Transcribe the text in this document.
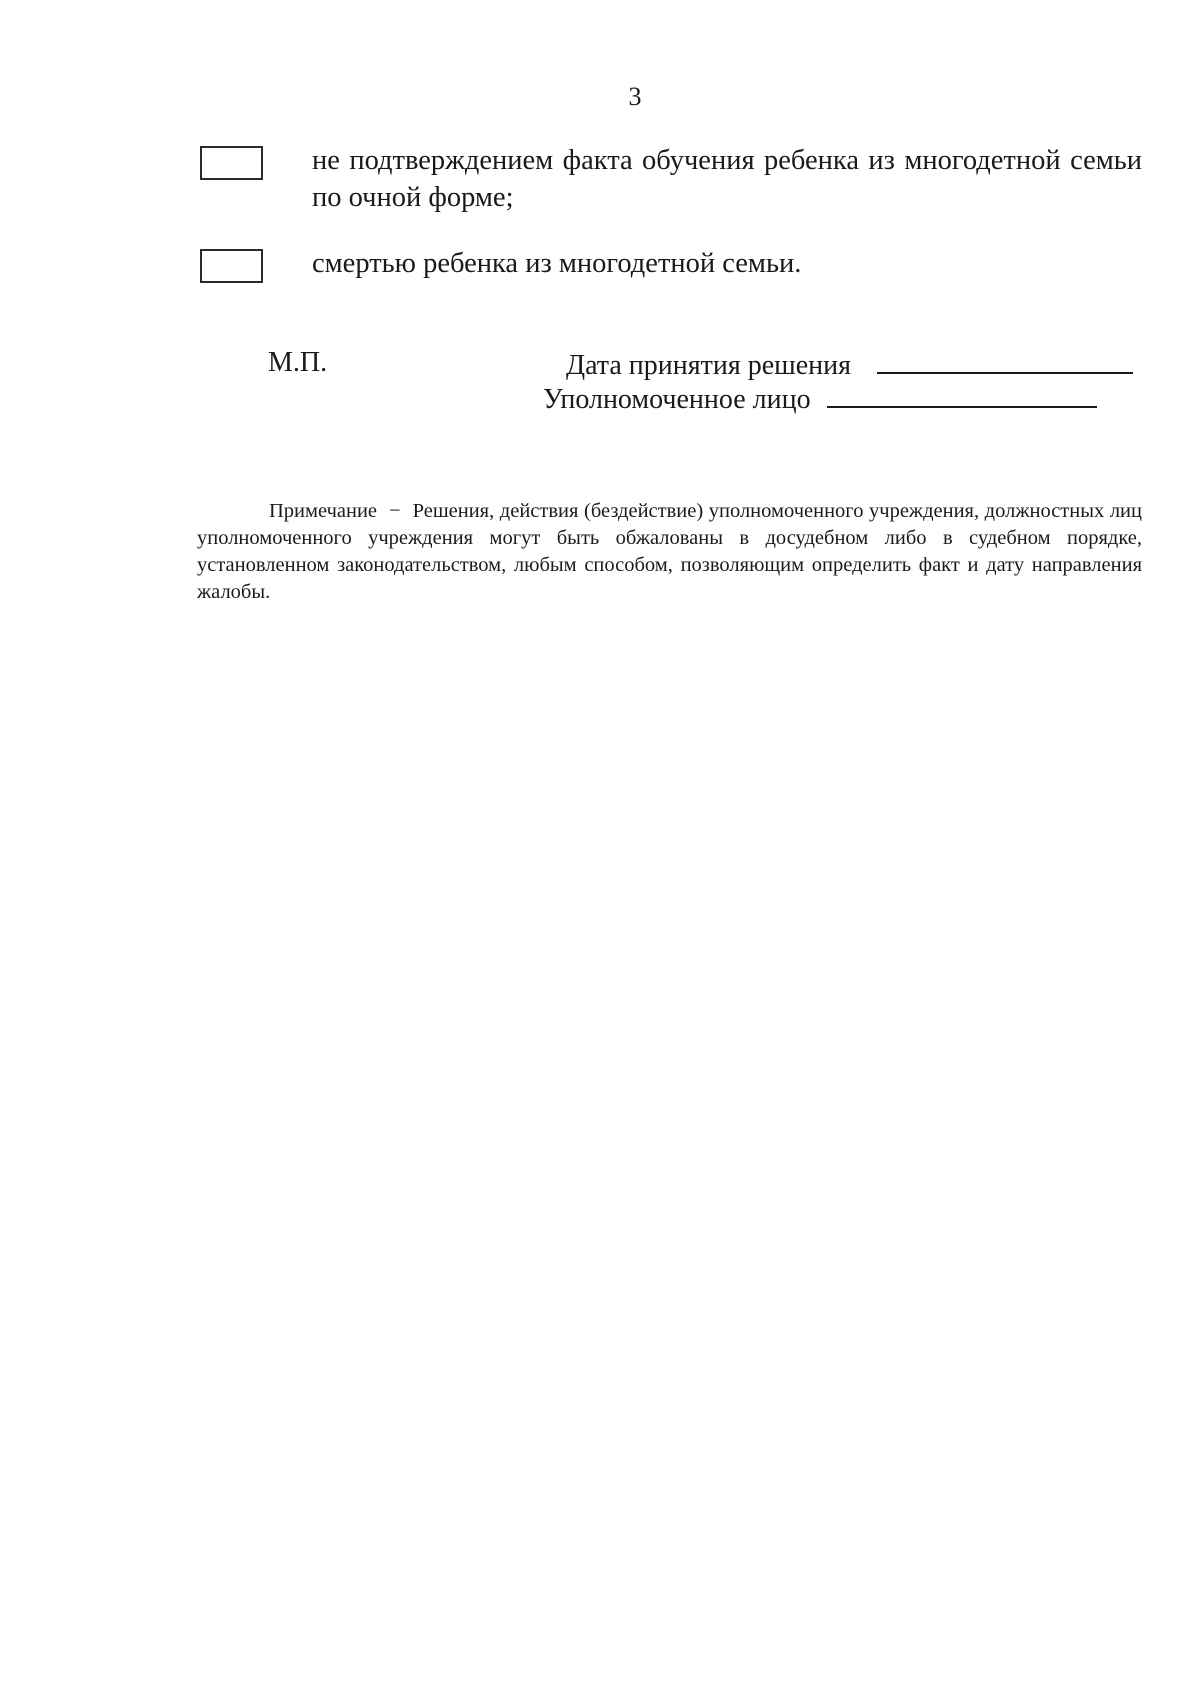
3
не подтверждением факта обучения ребенка из многодетной семьи по очной форме;
смертью ребенка из многодетной семьи.
М.П.	Дата принятия решения
Уполномоченное лицо
Примечание − Решения, действия (бездействие) уполномоченного учреждения, должностных лиц уполномоченного учреждения могут быть обжалованы в досудебном либо в судебном порядке, установленном законодательством, любым способом, позволяющим определить факт и дату направления жалобы.
